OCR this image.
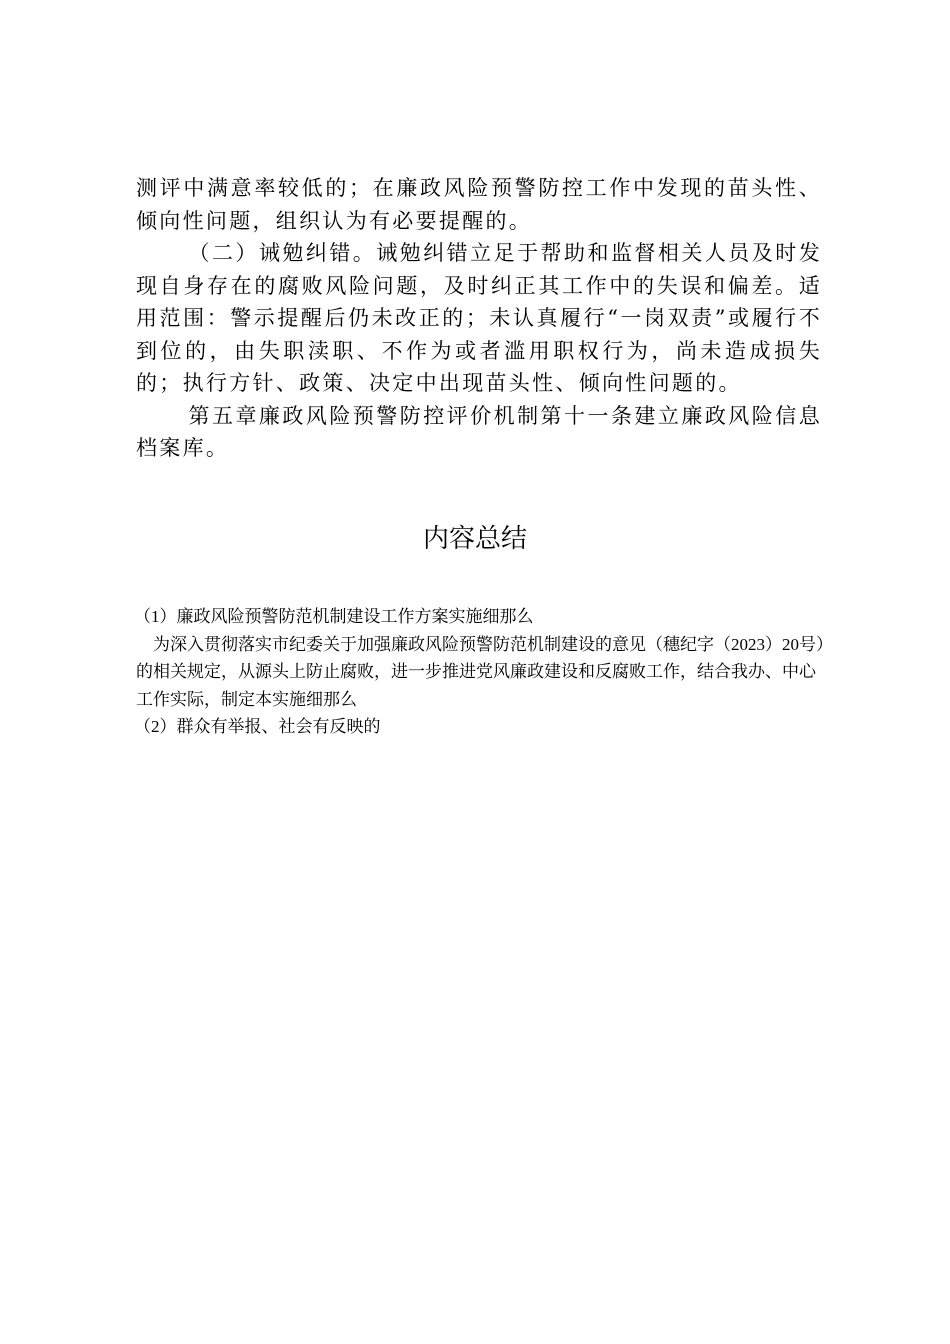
测评中满意率较低的；在廉政风险预警防控工作中发现的苗头性、倾向性问题，组织认为有必要提醒的。

（二）诫勉纠错。诫勉纠错立足于帮助和监督相关人员及时发现自身存在的腐败风险问题，及时纠正其工作中的失误和偏差。适用范围：警示提醒后仍未改正的；未认真履行“一岗双责”或履行不到位的，由失职渎职、不作为或者滥用职权行为，尚未造成损失的；执行方针、政策、决定中出现苗头性、倾向性问题的。

第五章廉政风险预警防控评价机制第十一条建立廉政风险信息档案库。

内容总结

（1）廉政风险预警防范机制建设工作方案实施细那么

为深入贯彻落实市纪委关于加强廉政风险预警防范机制建设的意见（穗纪字（2023）20号）的相关规定，从源头上防止腐败，进一步推进党风廉政建设和反腐败工作，结合我办、中心工作实际，制定本实施细那么

（2）群众有举报、社会有反映的
